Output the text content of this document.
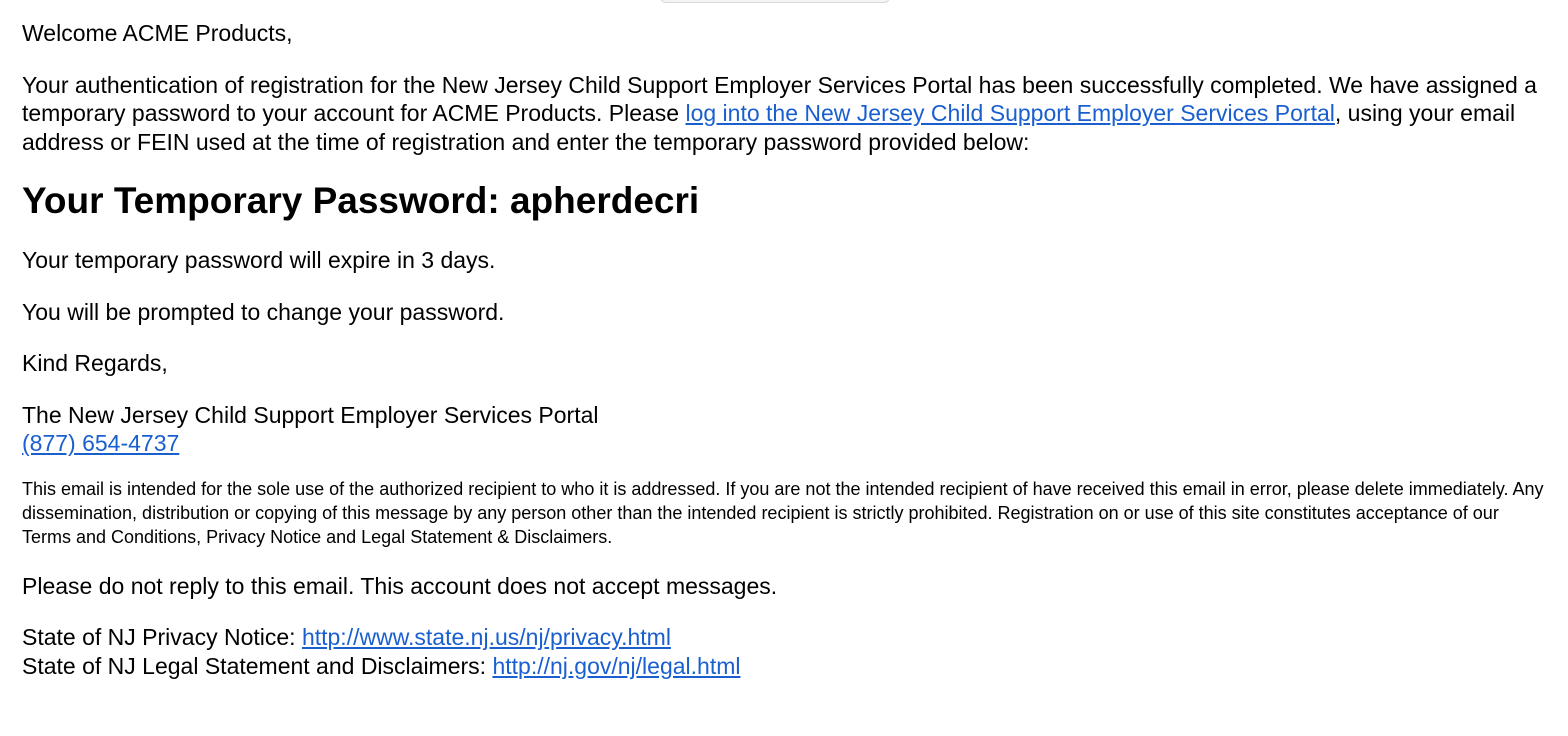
Welcome ACME Products,

Your authentication of registration for the New Jersey Child Support Employer Services Portal has been successfully completed. We have assigned a temporary password to your account for ACME Products. Please log into the New Jersey Child Support Employer Services Portal, using your email address or FEIN used at the time of registration and enter the temporary password provided below:

Your Temporary Password: apherdecri

Your temporary password will expire in 3 days.

You will be prompted to change your password.

Kind Regards,

The New Jersey Child Support Employer Services Portal
(877) 654-4737

This email is intended for the sole use of the authorized recipient to who it is addressed. If you are not the intended recipient of have received this email in error, please delete immediately. Any dissemination, distribution or copying of this message by any person other than the intended recipient is strictly prohibited. Registration on or use of this site constitutes acceptance of our Terms and Conditions, Privacy Notice and Legal Statement & Disclaimers.

Please do not reply to this email. This account does not accept messages.

State of NJ Privacy Notice: http://www.state.nj.us/nj/privacy.html
State of NJ Legal Statement and Disclaimers: http://nj.gov/nj/legal.html
